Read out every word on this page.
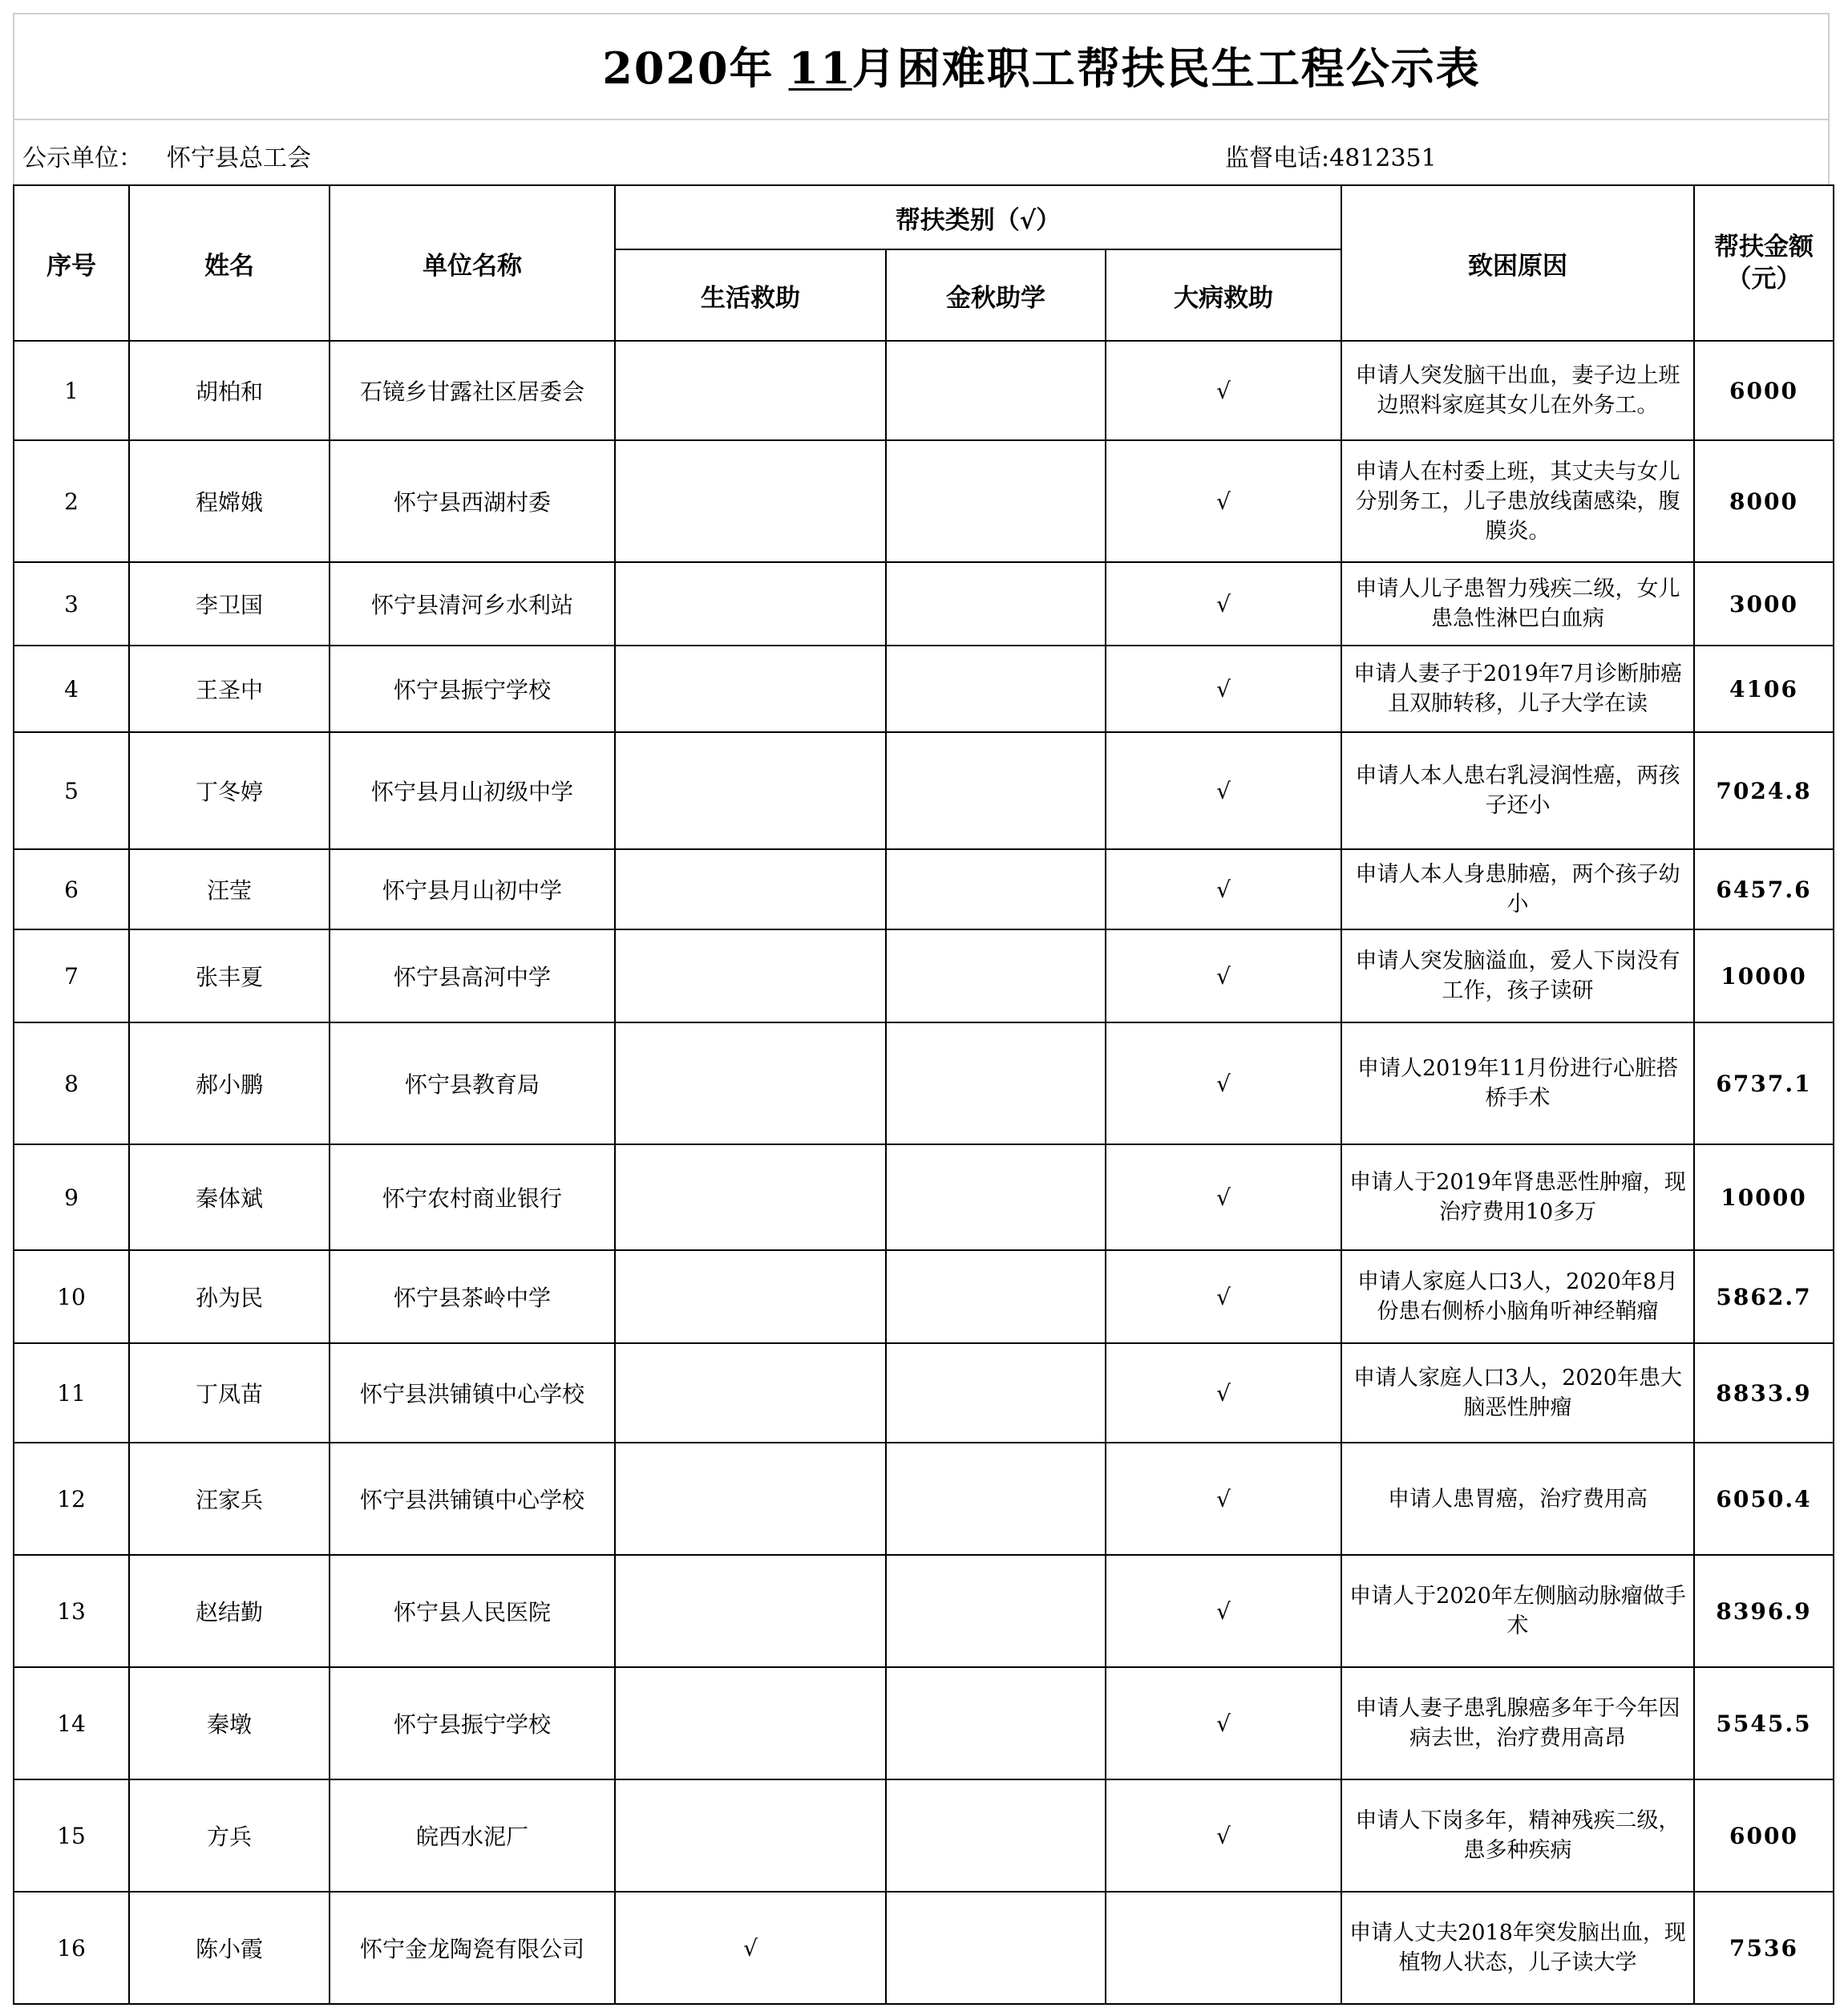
2020年 11月困难职工帮扶民生工程公示表
公示单位： 怀宁县总工会	监督电话:4812351
序号	姓名	单位名称	帮扶类别（√）			致困原因	帮扶金额（元）
			生活救助	金秋助学	大病救助		
1	胡柏和	石镜乡甘露社区居委会			√	申请人突发脑干出血，妻子边上班边照料家庭其女儿在外务工。	6000
2	程嫦娥	怀宁县西湖村委			√	申请人在村委上班，其丈夫与女儿分别务工，儿子患放线菌感染，腹膜炎。	8000
3	李卫国	怀宁县清河乡水利站			√	申请人儿子患智力残疾二级，女儿患急性淋巴白血病	3000
4	王圣中	怀宁县振宁学校			√	申请人妻子于2019年7月诊断肺癌且双肺转移，儿子大学在读	4106
5	丁冬婷	怀宁县月山初级中学			√	申请人本人患右乳浸润性癌，两孩子还小	7024.8
6	汪莹	怀宁县月山初中学			√	申请人本人身患肺癌，两个孩子幼小	6457.6
7	张丰夏	怀宁县高河中学			√	申请人突发脑溢血，爱人下岗没有工作，孩子读研	10000
8	郝小鹏	怀宁县教育局			√	申请人2019年11月份进行心脏搭桥手术	6737.1
9	秦体斌	怀宁农村商业银行			√	申请人于2019年肾患恶性肿瘤，现治疗费用10多万	10000
10	孙为民	怀宁县茶岭中学			√	申请人家庭人口3人，2020年8月份患右侧桥小脑角听神经鞘瘤	5862.7
11	丁凤苗	怀宁县洪铺镇中心学校			√	申请人家庭人口3人，2020年患大脑恶性肿瘤	8833.9
12	汪家兵	怀宁县洪铺镇中心学校			√	申请人患胃癌，治疗费用高	6050.4
13	赵结勤	怀宁县人民医院			√	申请人于2020年左侧脑动脉瘤做手术	8396.9
14	秦墩	怀宁县振宁学校			√	申请人妻子患乳腺癌多年于今年因病去世，治疗费用高昂	5545.5
15	方兵	皖西水泥厂			√	申请人下岗多年，精神残疾二级，患多种疾病	6000
16	陈小霞	怀宁金龙陶瓷有限公司	√			申请人丈夫2018年突发脑出血，现植物人状态，儿子读大学	7536
